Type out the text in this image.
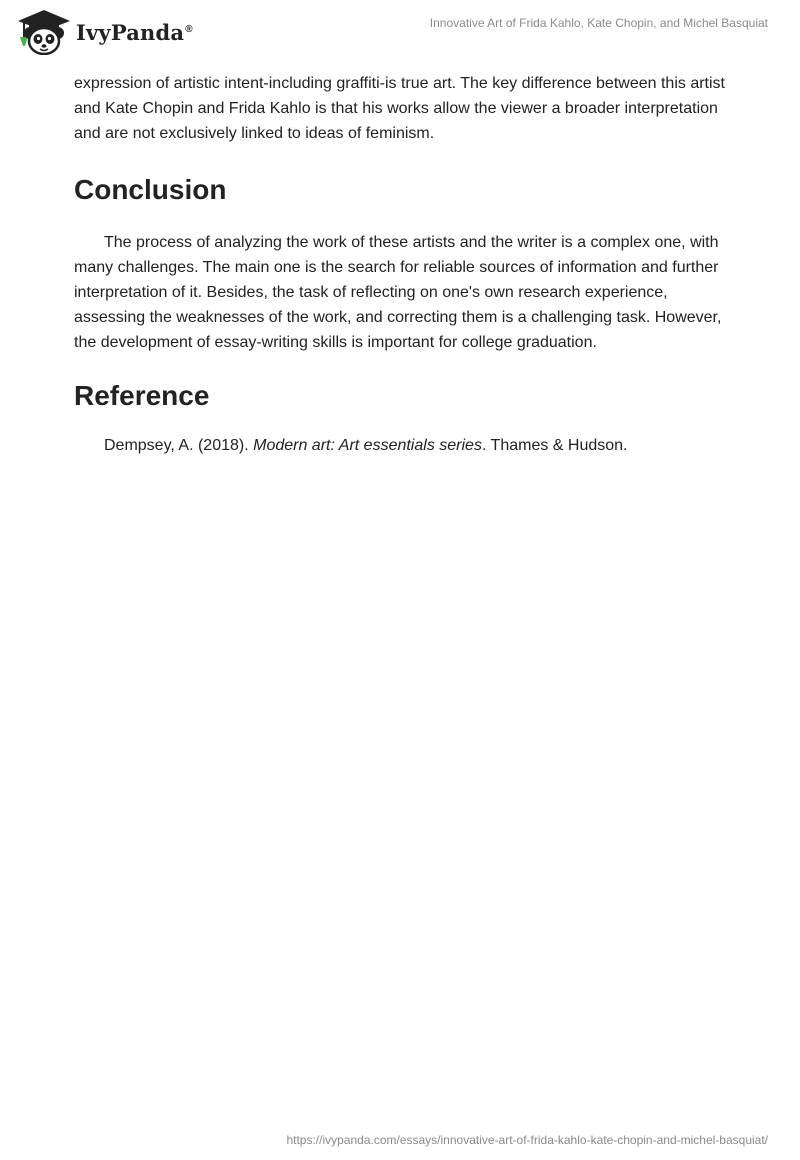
IvyPanda®	Innovative Art of Frida Kahlo, Kate Chopin, and Michel Basquiat

expression of artistic intent-including graffiti-is true art. The key difference between this artist and Kate Chopin and Frida Kahlo is that his works allow the viewer a broader interpretation and are not exclusively linked to ideas of feminism.

Conclusion

The process of analyzing the work of these artists and the writer is a complex one, with many challenges. The main one is the search for reliable sources of information and further interpretation of it. Besides, the task of reflecting on one's own research experience, assessing the weaknesses of the work, and correcting them is a challenging task. However, the development of essay-writing skills is important for college graduation.

Reference

Dempsey, A. (2018). Modern art: Art essentials series. Thames & Hudson.

https://ivypanda.com/essays/innovative-art-of-frida-kahlo-kate-chopin-and-michel-basquiat/
